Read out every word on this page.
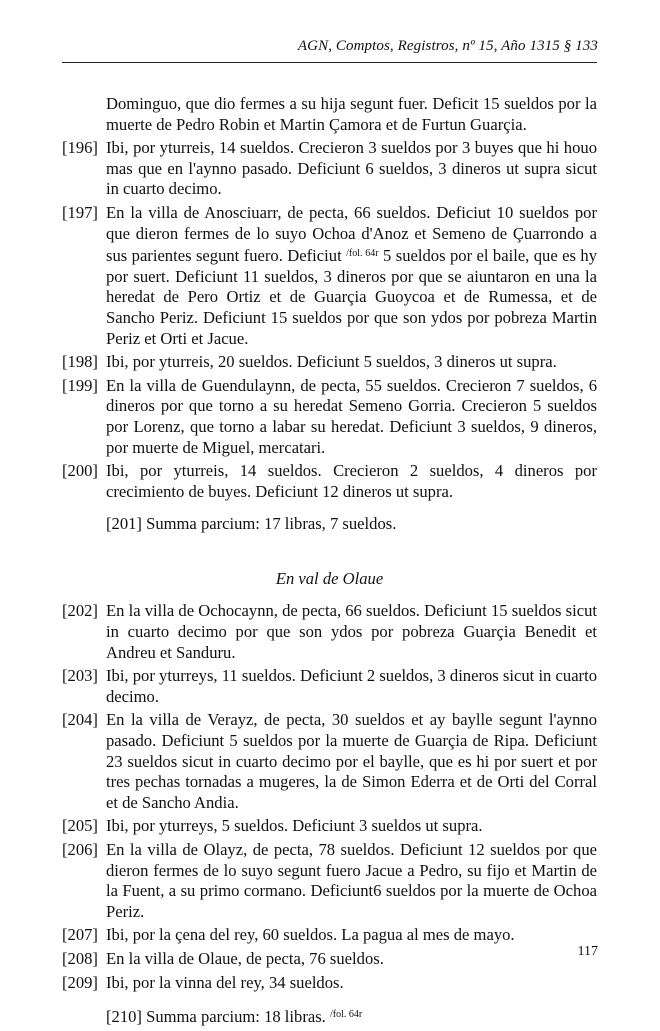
AGN, Comptos, Registros, nº 15, Año 1315 § 133
Dominguo, que dio fermes a su hija segunt fuer. Deficit 15 sueldos por la muerte de Pedro Robin et Martin Çamora et de Furtun Guarçia.
[196] Ibi, por yturreis, 14 sueldos. Crecieron 3 sueldos por 3 buyes que hi houo mas que en l'aynno pasado. Deficiunt 6 sueldos, 3 dineros ut supra sicut in cuarto decimo.
[197] En la villa de Anosciuarr, de pecta, 66 sueldos. Deficiut 10 sueldos por que dieron fermes de lo suyo Ochoa d'Anoz et Semeno de Çuarrondo a sus parientes segunt fuero. Deficiut $^{/fol. 64r}$ 5 sueldos por el baile, que es hy por suert. Deficiunt 11 sueldos, 3 dineros por que se aiuntaron en una la heredat de Pero Ortiz et de Guarçia Guoycoa et de Rumessa, et de Sancho Periz. Deficiunt 15 sueldos por que son ydos por pobreza Martin Periz et Orti et Jacue.
[198] Ibi, por yturreis, 20 sueldos. Deficiunt 5 sueldos, 3 dineros ut supra.
[199] En la villa de Guendulaynn, de pecta, 55 sueldos. Crecieron 7 sueldos, 6 dineros por que torno a su heredat Semeno Gorria. Crecieron 5 sueldos por Lorenz, que torno a labar su heredat. Deficiunt 3 sueldos, 9 dineros, por muerte de Miguel, mercatari.
[200] Ibi, por yturreis, 14 sueldos. Crecieron 2 sueldos, 4 dineros por crecimiento de buyes. Deficiunt 12 dineros ut supra.
[201] Summa parcium: 17 libras, 7 sueldos.
En val de Olaue
[202] En la villa de Ochocaynn, de pecta, 66 sueldos. Deficiunt 15 sueldos sicut in cuarto decimo por que son ydos por pobreza Guarçia Benedit et Andreu et Sanduru.
[203] Ibi, por yturreys, 11 sueldos. Deficiunt 2 sueldos, 3 dineros sicut in cuarto decimo.
[204] En la villa de Verayz, de pecta, 30 sueldos et ay baylle segunt l'aynno pasado. Deficiunt 5 sueldos por la muerte de Guarçia de Ripa. Deficiunt 23 sueldos sicut in cuarto decimo por el baylle, que es hi por suert et por tres pechas tornadas a mugeres, la de Simon Ederra et de Orti del Corral et de Sancho Andia.
[205] Ibi, por yturreys, 5 sueldos. Deficiunt 3 sueldos ut supra.
[206] En la villa de Olayz, de pecta, 78 sueldos. Deficiunt 12 sueldos por que dieron fermes de lo suyo segunt fuero Jacue a Pedro, su fijo et Martin de la Fuent, a su primo cormano. Deficiunt6 sueldos por la muerte de Ochoa Periz.
[207] Ibi, por la çena del rey, 60 sueldos. La pagua al mes de mayo.
[208] En la villa de Olaue, de pecta, 76 sueldos.
[209] Ibi, por la vinna del rey, 34 sueldos.
[210] Summa parcium: 18 libras. $^{/fol. 64r}$
117
